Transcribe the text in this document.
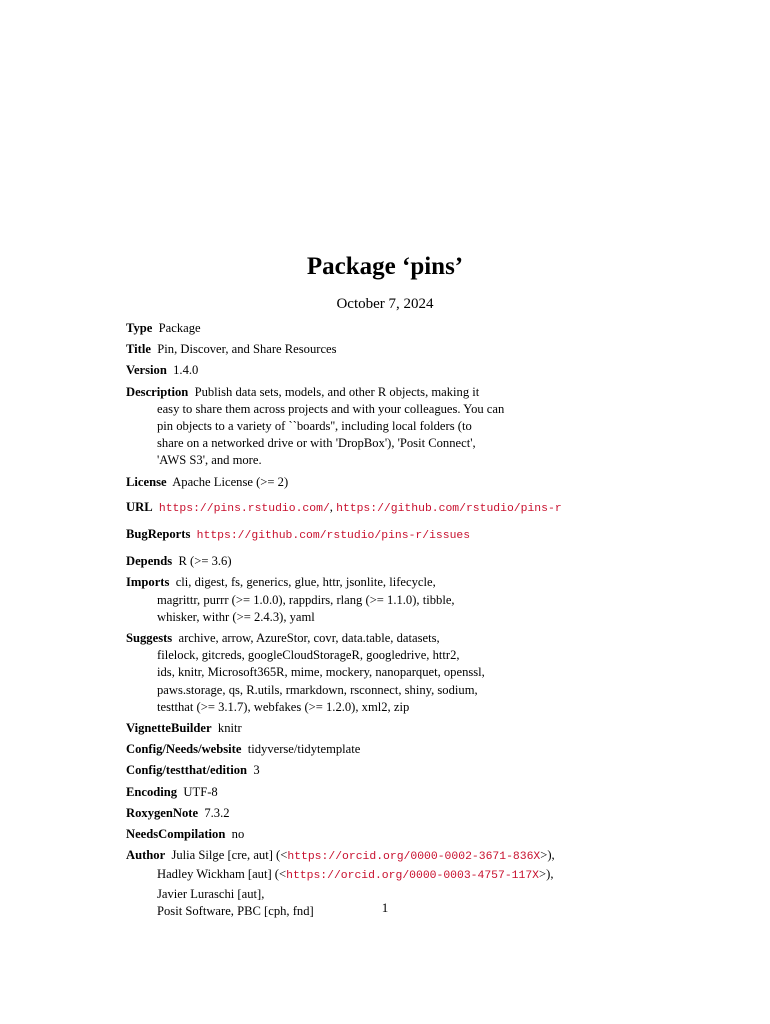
Package ‘pins’
October 7, 2024
Type Package
Title Pin, Discover, and Share Resources
Version 1.4.0
Description Publish data sets, models, and other R objects, making it
easy to share them across projects and with your colleagues. You can
pin objects to a variety of ``boards'', including local folders (to
share on a networked drive or with 'DropBox'), 'Posit Connect',
'AWS S3', and more.
License Apache License (>= 2)
URL https://pins.rstudio.com/, https://github.com/rstudio/pins-r
BugReports https://github.com/rstudio/pins-r/issues
Depends R (>= 3.6)
Imports cli, digest, fs, generics, glue, httr, jsonlite, lifecycle,
magrittr, purrr (>= 1.0.0), rappdirs, rlang (>= 1.1.0), tibble,
whisker, withr (>= 2.4.3), yaml
Suggests archive, arrow, AzureStor, covr, data.table, datasets,
filelock, gitcreds, googleCloudStorageR, googledrive, httr2,
ids, knitr, Microsoft365R, mime, mockery, nanoparquet, openssl,
paws.storage, qs, R.utils, rmarkdown, rsconnect, shiny, sodium,
testthat (>= 3.1.7), webfakes (>= 1.2.0), xml2, zip
VignetteBuilder knitr
Config/Needs/website tidyverse/tidytemplate
Config/testthat/edition 3
Encoding UTF-8
RoxygenNote 7.3.2
NeedsCompilation no
Author Julia Silge [cre, aut] (<https://orcid.org/0000-0002-3671-836X>),
Hadley Wickham [aut] (<https://orcid.org/0000-0003-4757-117X>),
Javier Luraschi [aut],
Posit Software, PBC [cph, fnd]	1
